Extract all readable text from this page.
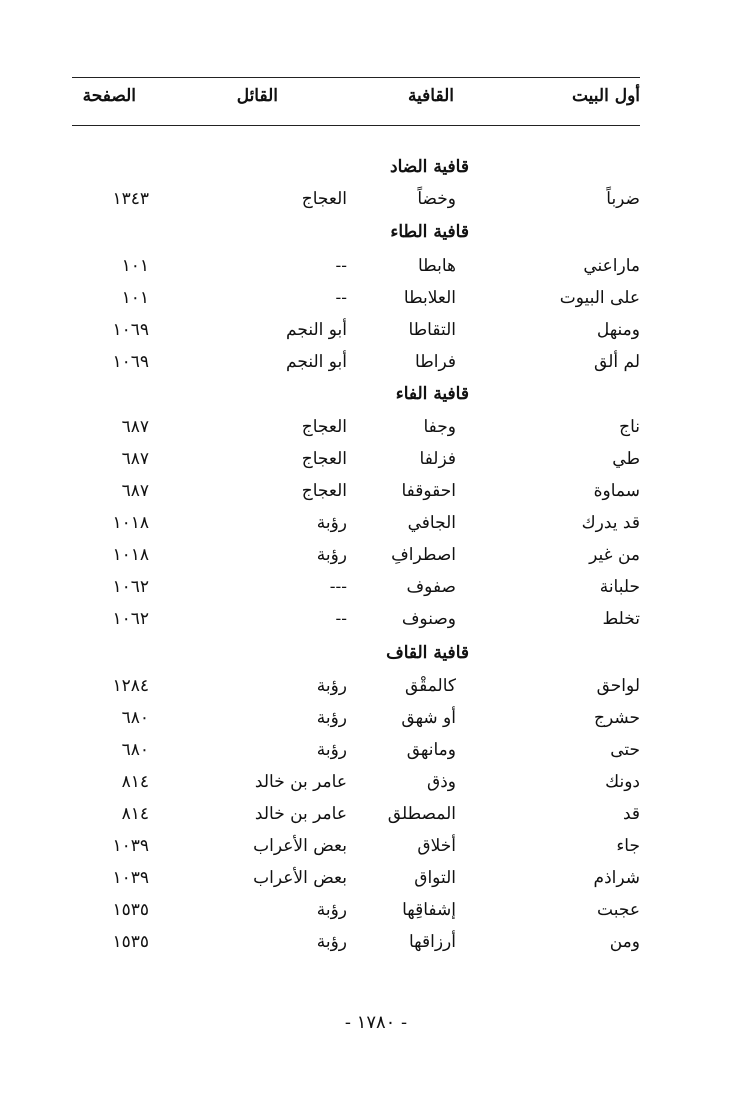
أول البيت
القافية
القائل
الصفحة
قافية الضاد
ضرباً
وخضاً
العجاج
١٣٤٣
قافية الطاء
ماراعني
هابطا
--
١٠١
على البيوت
العلابطا
--
١٠١
ومنهل
التقاطا
أبو النجم
١٠٦٩
لم ألق
فراطا
أبو النجم
١٠٦٩
قافية الفاء
ناج
وجفا
العجاج
٦٨٧
طي
فزلفا
العجاج
٦٨٧
سماوة
احقوقفا
العجاج
٦٨٧
قد يدرك
الجافي
رؤبة
١٠١٨
من غير
اصطرافِ
رؤبة
١٠١٨
حلبانة
صفوف
---
١٠٦٢
تخلط
وصنوف
--
١٠٦٢
قافية القاف
لواحق
كالمقْق
رؤبة
١٢٨٤
حشرج
أو شهق
رؤبة
٦٨٠
حتى
ومانهق
رؤبة
٦٨٠
دونك
وذق
عامر بن خالد
٨١٤
قد
المصطلق
عامر بن خالد
٨١٤
جاء
أخلاق
بعض الأعراب
١٠٣٩
شراذم
التواق
بعض الأعراب
١٠٣٩
عجبت
إشفاقِها
رؤبة
١٥٣٥
ومن
أرزاقها
رؤبة
١٥٣٥
- ١٧٨٠ -
